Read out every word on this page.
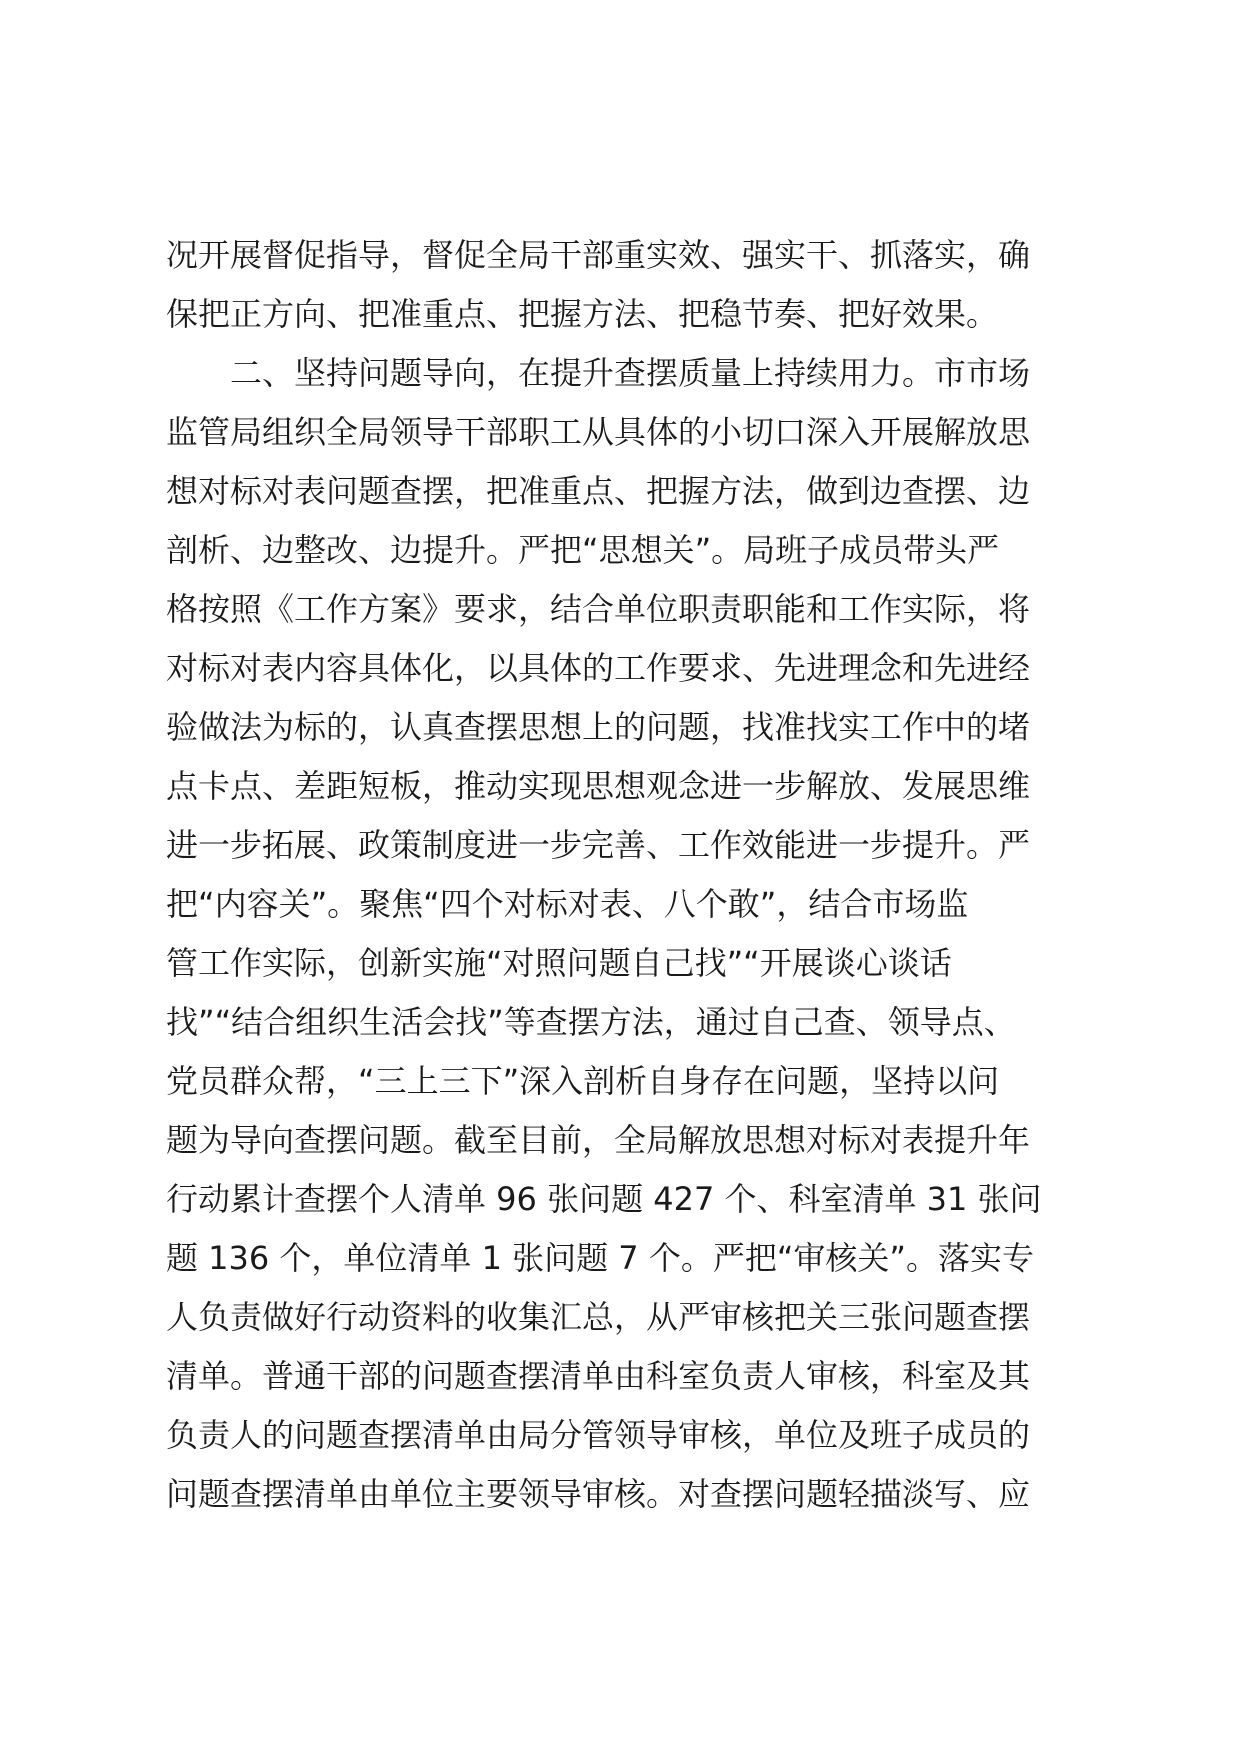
况开展督促指导，督促全局干部重实效、强实干、抓落实，确
保把正方向、把准重点、把握方法、把稳节奏、把好效果。
二、坚持问题导向，在提升查摆质量上持续用力。市市场
监管局组织全局领导干部职工从具体的小切口深入开展解放思
想对标对表问题查摆，把准重点、把握方法，做到边查摆、边
剖析、边整改、边提升。严把“思想关”。局班子成员带头严
格按照《工作方案》要求，结合单位职责职能和工作实际，将
对标对表内容具体化，以具体的工作要求、先进理念和先进经
验做法为标的，认真查摆思想上的问题，找准找实工作中的堵
点卡点、差距短板，推动实现思想观念进一步解放、发展思维
进一步拓展、政策制度进一步完善、工作效能进一步提升。严
把“内容关”。聚焦“四个对标对表、八个敢”，结合市场监
管工作实际，创新实施“对照问题自己找”“开展谈心谈话
找”“结合组织生活会找”等查摆方法，通过自己查、领导点、
党员群众帮，“三上三下”深入剖析自身存在问题，坚持以问
题为导向查摆问题。截至目前，全局解放思想对标对表提升年
行动累计查摆个人清单 96 张问题 427 个、科室清单 31 张问
题 136 个，单位清单 1 张问题 7 个。严把“审核关”。落实专
人负责做好行动资料的收集汇总，从严审核把关三张问题查摆
清单。普通干部的问题查摆清单由科室负责人审核，科室及其
负责人的问题查摆清单由局分管领导审核，单位及班子成员的
问题查摆清单由单位主要领导审核。对查摆问题轻描淡写、应
